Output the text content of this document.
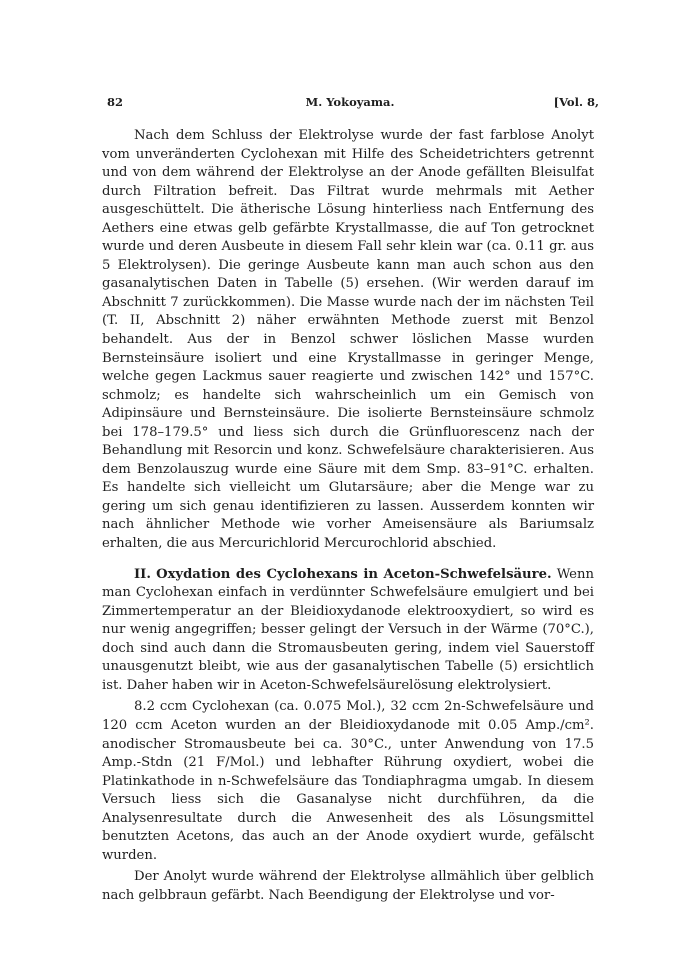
82	M. Yokoyama.	[Vol. 8,

Nach dem Schluss der Elektrolyse wurde der fast farblose Anolyt vom unveränderten Cyclohexan mit Hilfe des Scheidetrichters getrennt und von dem während der Elektrolyse an der Anode gefällten Bleisulfat durch Filtration befreit. Das Filtrat wurde mehrmals mit Aether ausgeschüttelt. Die ätherische Lösung hinterliess nach Entfernung des Aethers eine etwas gelb gefärbte Krystallmasse, die auf Ton getrocknet wurde und deren Ausbeute in diesem Fall sehr klein war (ca. 0.11 gr. aus 5 Elektrolysen). Die geringe Ausbeute kann man auch schon aus den gasanalytischen Daten in Tabelle (5) ersehen. (Wir werden darauf im Abschnitt 7 zurückkommen). Die Masse wurde nach der im nächsten Teil (T. II, Abschnitt 2) näher erwähnten Methode zuerst mit Benzol behandelt. Aus der in Benzol schwer löslichen Masse wurden Bernsteinsäure isoliert und eine Krystallmasse in geringer Menge, welche gegen Lackmus sauer reagierte und zwischen 142° und 157°C. schmolz; es handelte sich wahrscheinlich um ein Gemisch von Adipinsäure und Bernsteinsäure. Die isolierte Bernsteinsäure schmolz bei 178–179.5° und liess sich durch die Grünfluorescenz nach der Behandlung mit Resorcin und konz. Schwefelsäure charakterisieren. Aus dem Benzolauszug wurde eine Säure mit dem Smp. 83–91°C. erhalten. Es handelte sich vielleicht um Glutarsäure; aber die Menge war zu gering um sich genau identifizieren zu lassen. Ausserdem konnten wir nach ähnlicher Methode wie vorher Ameisensäure als Bariumsalz erhalten, die aus Mercurichlorid Mercurochlorid abschied.

II. Oxydation des Cyclohexans in Aceton-Schwefelsäure. Wenn man Cyclohexan einfach in verdünnter Schwefelsäure emulgiert und bei Zimmertemperatur an der Bleidioxydanode elektrooxydiert, so wird es nur wenig angegriffen; besser gelingt der Versuch in der Wärme (70°C.), doch sind auch dann die Stromausbeuten gering, indem viel Sauerstoff unausgenutzt bleibt, wie aus der gasanalytischen Tabelle (5) ersichtlich ist. Daher haben wir in Aceton-Schwefelsäurelösung elektrolysiert.

8.2 ccm Cyclohexan (ca. 0.075 Mol.), 32 ccm 2n-Schwefelsäure und 120 ccm Aceton wurden an der Bleidioxydanode mit 0.05 Amp./cm². anodischer Stromausbeute bei ca. 30°C., unter Anwendung von 17.5 Amp.-Stdn (21 F/Mol.) und lebhafter Rührung oxydiert, wobei die Platinkathode in n-Schwefelsäure das Tondiaphragma umgab. In diesem Versuch liess sich die Gasanalyse nicht durchführen, da die Analysenresultate durch die Anwesenheit des als Lösungsmittel benutzten Acetons, das auch an der Anode oxydiert wurde, gefälscht wurden.

Der Anolyt wurde während der Elektrolyse allmählich über gelblich nach gelbbraun gefärbt. Nach Beendigung der Elektrolyse und vor-
